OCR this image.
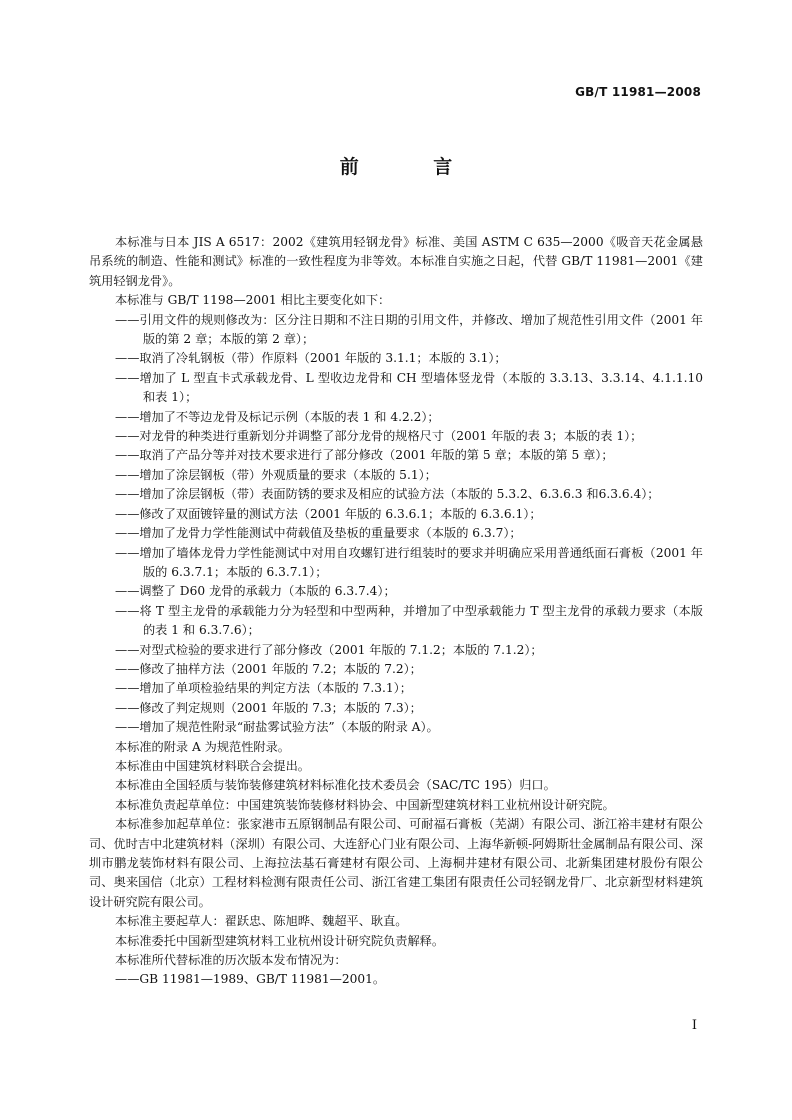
GB/T 11981—2008
前 言

本标准与日本 JIS A 6517：2002《建筑用轻钢龙骨》标准、美国 ASTM C 635—2000《吸音天花金属悬吊系统的制造、性能和测试》标准的一致性程度为非等效。本标准自实施之日起，代替 GB/T 11981—2001《建筑用轻钢龙骨》。

本标准与 GB/T 1198—2001 相比主要变化如下：

——引用文件的规则修改为：区分注日期和不注日期的引用文件，并修改、增加了规范性引用文件（2001 年版的第 2 章；本版的第 2 章）；

——取消了冷轧钢板（带）作原料（2001 年版的 3.1.1；本版的 3.1）；

——增加了 L 型直卡式承载龙骨、L 型收边龙骨和 CH 型墙体竖龙骨（本版的 3.3.13、3.3.14、4.1.1.10和表 1）；

——增加了不等边龙骨及标记示例（本版的表 1 和 4.2.2）；

——对龙骨的种类进行重新划分并调整了部分龙骨的规格尺寸（2001 年版的表 3；本版的表 1）；

——取消了产品分等并对技术要求进行了部分修改（2001 年版的第 5 章；本版的第 5 章）；

——增加了涂层钢板（带）外观质量的要求（本版的 5.1）；

——增加了涂层钢板（带）表面防锈的要求及相应的试验方法（本版的 5.3.2、6.3.6.3 和6.3.6.4）；

——修改了双面镀锌量的测试方法（2001 年版的 6.3.6.1；本版的 6.3.6.1）；

——增加了龙骨力学性能测试中荷载值及垫板的重量要求（本版的 6.3.7）；

——增加了墙体龙骨力学性能测试中对用自攻螺钉进行组装时的要求并明确应采用普通纸面石膏板（2001 年版的 6.3.7.1；本版的 6.3.7.1）；

——调整了 D60 龙骨的承载力（本版的 6.3.7.4）；

——将 T 型主龙骨的承载能力分为轻型和中型两种，并增加了中型承载能力 T 型主龙骨的承载力要求（本版的表 1 和 6.3.7.6）；

——对型式检验的要求进行了部分修改（2001 年版的 7.1.2；本版的 7.1.2）；

——修改了抽样方法（2001 年版的 7.2；本版的 7.2）；

——增加了单项检验结果的判定方法（本版的 7.3.1）；

——修改了判定规则（2001 年版的 7.3；本版的 7.3）；

——增加了规范性附录“耐盐雾试验方法”（本版的附录 A）。

本标准的附录 A 为规范性附录。

本标准由中国建筑材料联合会提出。

本标准由全国轻质与装饰装修建筑材料标准化技术委员会（SAC/TC 195）归口。

本标准负责起草单位：中国建筑装饰装修材料协会、中国新型建筑材料工业杭州设计研究院。

本标准参加起草单位：张家港市五原钢制品有限公司、可耐福石膏板（芜湖）有限公司、浙江裕丰建材有限公司、优时吉中北建筑材料（深圳）有限公司、大连舒心门业有限公司、上海华新顿-阿姆斯壮金属制品有限公司、深圳市鹏龙装饰材料有限公司、上海拉法基石膏建材有限公司、上海桐井建材有限公司、北新集团建材股份有限公司、奥来国信（北京）工程材料检测有限责任公司、浙江省建工集团有限责任公司轻钢龙骨厂、北京新型材料建筑设计研究院有限公司。

本标准主要起草人：翟跃忠、陈旭晔、魏超平、耿直。

本标准委托中国新型建筑材料工业杭州设计研究院负责解释。

本标准所代替标准的历次版本发布情况为：

——GB 11981—1989、GB/T 11981—2001。

I
